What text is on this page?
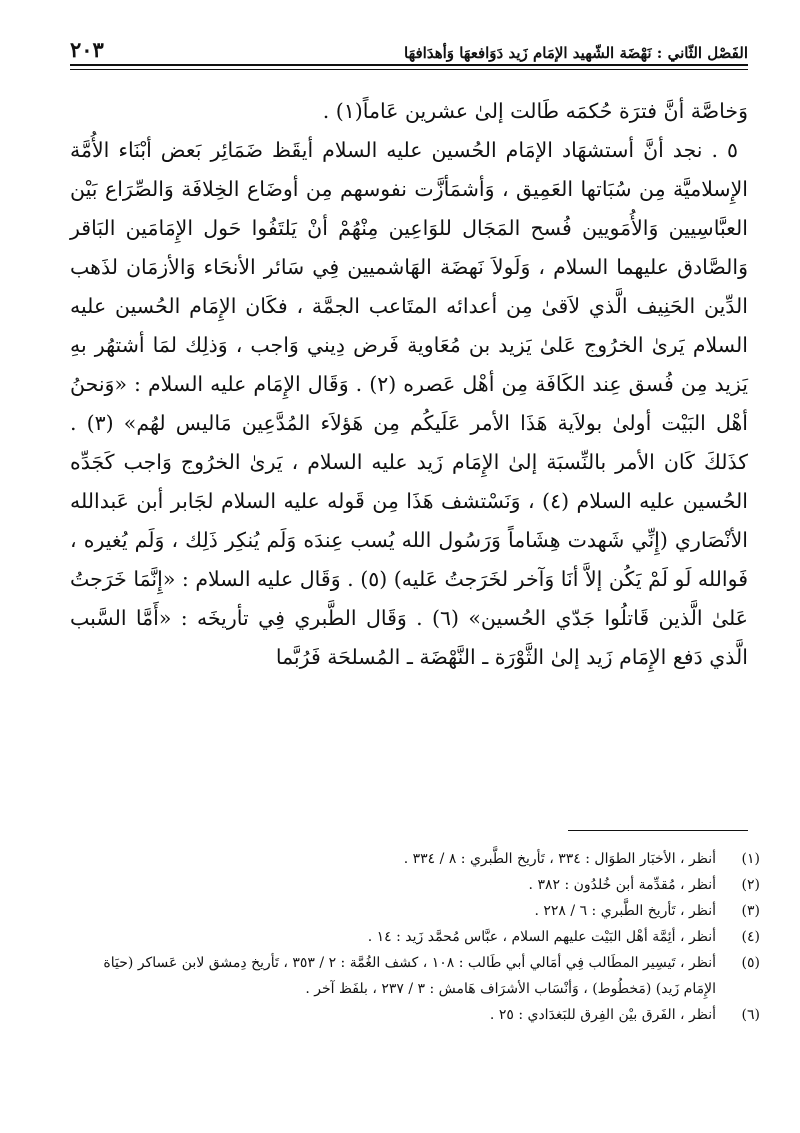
الفَصْل الثّاني : نَهْضَة الشّهيد الإمَام زَيد دَوَافعهَا وَأهدَافهَا
٢٠٣

وَخاصَّة أنَّ فترَة حُكمَه طَالت إلىٰ عشرين عَاماً(١) .

٥ . نجد أنَّ أستشهَاد الإمَام الحُسين عليه السلام أيقَظ ضَمَائِر بَعض أبْنَاء الأُمَّة الإِسلاميَّة مِن سُبَاتها العَمِيق ، وَأشمَأزَّت نفوسهم مِن أوضَاع الخِلافَة وَالصِّرَاع بَيْن العبَّاسِيين وَالأُمَويين فُسح المَجَال للوَاعِين مِنْهُمْ أنْ يَلتَفُوا حَول الإِمَامَين البَاقر وَالصَّادق عليهما السلام ، وَلَولاَ نَهضَة الهَاشميين فِي سَائر الأنحَاء وَالأزمَان لذَهب الدِّين الحَنِيف الَّذي لاَقىٰ مِن أعدائه المتَاعب الجمَّة ، فكَان الإِمَام الحُسين عليه السلام يَرىٰ الخرُوج عَلىٰ يَزيد بن مُعَاوية فَرض دِيني وَاجب ، وَذلِك لمَا أشتهُر بهِ يَزيد مِن فُسق عِند الكَافَة مِن أهْل عَصره (٢) . وَقَال الإِمَام عليه السلام : «وَنحنُ أهْل البَيْت أولىٰ بولاَية هَذَا الأمر عَلَيكُم مِن هَؤلاَء المُدَّعِين مَاليس لهُم» (٣) . كذَلكَ كَان الأمر بالنِّسبَة إلىٰ الإِمَام زَيد عليه السلام ، يَرىٰ الخرُوج وَاجب كَجَدِّه الحُسين عليه السلام (٤) ، وَنَسْتشف هَذَا مِن قَوله عليه السلام لجَابر أبن عَبدالله الأنْصَاري (إِنِّي شَهدت هِشَاماً وَرَسُول الله يُسب عِندَه وَلَم يُنكِر ذَلِك ، وَلَم يُغيره ، فَوالله لَو لَمْ يَكُن إلاَّ أنَا وَآخر لخَرَجتُ عَليه) (٥) . وَقَال عليه السلام : «إِنَّمَا خَرَجتُ عَلىٰ الَّذين قَاتلُوا جَدّي الحُسين» (٦) . وَقَال الطَّبري فِي تأريخَه : «أَمَّا السَّبب الَّذي دَفع الإِمَام زَيد إلىٰ الثَّوْرَة ـ النَّهْضَة ـ المُسلحَة فَرُبَّما

(١)
أنظر ، الأخبَار الطوَال : ٣٣٤ ، تَأريخ الطَّبري : ٨ / ٣٣٤ .
(٢)
أنظر ، مُقدِّمة أبن خُلدُون : ٣٨٢ .
(٣)
أنظر ، تَأريخ الطَّبري : ٦ / ٢٢٨ .
(٤)
أنظر ، أئِمَّة أهْل البَيْت عليهم السلام ، عبَّاس مُحمَّد زَيد : ١٤ .
(٥)
أنظر ، تَيسِير المطَالب فِي أمَالي أبي طَالب : ١٠٨ ، كشف الغُمَّة : ٢ / ٣٥٣ ، تَأريخ دِمشق لابن عَساكر (حيَاة الإِمَام زَيد) (مَخطُوط) ، وَأنْسَاب الأشرَاف هَامش : ٣ / ٢٣٧ ، بلفَظ آخر .
(٦)
أنظر ، الفَرق بيْن الفِرق للبَغدَادي : ٢٥ .
